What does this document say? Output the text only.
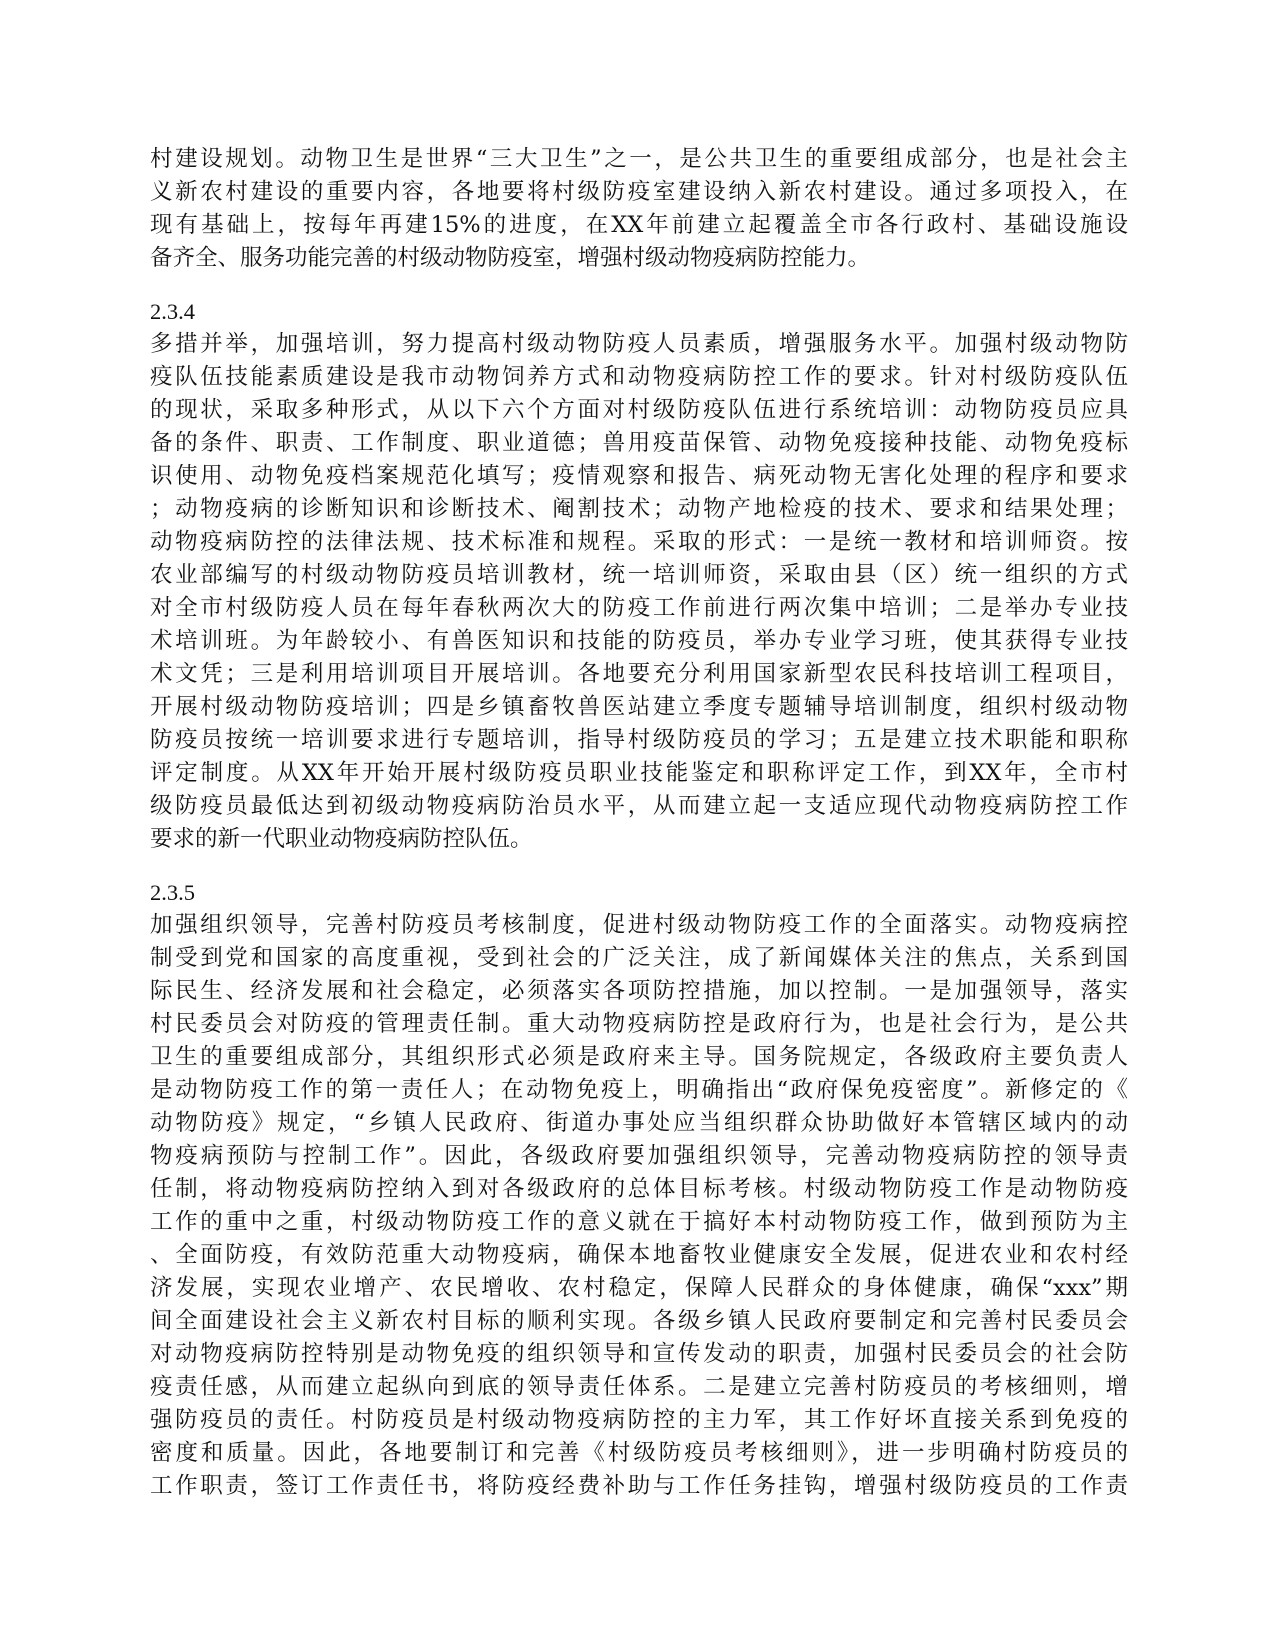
村建设规划。动物卫生是世界“三大卫生”之一，是公共卫生的重要组成部分，也是社会主
义新农村建设的重要内容，各地要将村级防疫室建设纳入新农村建设。通过多项投入，在
现有基础上，按每年再建15%的进度，在XX年前建立起覆盖全市各行政村、基础设施设
备齐全、服务功能完善的村级动物防疫室，增强村级动物疫病防控能力。
2.3.4
多措并举，加强培训，努力提高村级动物防疫人员素质，增强服务水平。加强村级动物防
疫队伍技能素质建设是我市动物饲养方式和动物疫病防控工作的要求。针对村级防疫队伍
的现状，采取多种形式，从以下六个方面对村级防疫队伍进行系统培训：动物防疫员应具
备的条件、职责、工作制度、职业道德；兽用疫苗保管、动物免疫接种技能、动物免疫标
识使用、动物免疫档案规范化填写；疫情观察和报告、病死动物无害化处理的程序和要求
；动物疫病的诊断知识和诊断技术、阉割技术；动物产地检疫的技术、要求和结果处理；
动物疫病防控的法律法规、技术标准和规程。采取的形式：一是统一教材和培训师资。按
农业部编写的村级动物防疫员培训教材，统一培训师资，采取由县（区）统一组织的方式
对全市村级防疫人员在每年春秋两次大的防疫工作前进行两次集中培训；二是举办专业技
术培训班。为年龄较小、有兽医知识和技能的防疫员，举办专业学习班，使其获得专业技
术文凭；三是利用培训项目开展培训。各地要充分利用国家新型农民科技培训工程项目，
开展村级动物防疫培训；四是乡镇畜牧兽医站建立季度专题辅导培训制度，组织村级动物
防疫员按统一培训要求进行专题培训，指导村级防疫员的学习；五是建立技术职能和职称
评定制度。从XX年开始开展村级防疫员职业技能鉴定和职称评定工作，到XX年，全市村
级防疫员最低达到初级动物疫病防治员水平，从而建立起一支适应现代动物疫病防控工作
要求的新一代职业动物疫病防控队伍。
2.3.5
加强组织领导，完善村防疫员考核制度，促进村级动物防疫工作的全面落实。动物疫病控
制受到党和国家的高度重视，受到社会的广泛关注，成了新闻媒体关注的焦点，关系到国
际民生、经济发展和社会稳定，必须落实各项防控措施，加以控制。一是加强领导，落实
村民委员会对防疫的管理责任制。重大动物疫病防控是政府行为，也是社会行为，是公共
卫生的重要组成部分，其组织形式必须是政府来主导。国务院规定，各级政府主要负责人
是动物防疫工作的第一责任人；在动物免疫上，明确指出“政府保免疫密度”。新修定的《
动物防疫》规定，“乡镇人民政府、街道办事处应当组织群众协助做好本管辖区域内的动
物疫病预防与控制工作”。因此，各级政府要加强组织领导，完善动物疫病防控的领导责
任制，将动物疫病防控纳入到对各级政府的总体目标考核。村级动物防疫工作是动物防疫
工作的重中之重，村级动物防疫工作的意义就在于搞好本村动物防疫工作，做到预防为主
、全面防疫，有效防范重大动物疫病，确保本地畜牧业健康安全发展，促进农业和农村经
济发展，实现农业增产、农民增收、农村稳定，保障人民群众的身体健康，确保“xxx”期
间全面建设社会主义新农村目标的顺利实现。各级乡镇人民政府要制定和完善村民委员会
对动物疫病防控特别是动物免疫的组织领导和宣传发动的职责，加强村民委员会的社会防
疫责任感，从而建立起纵向到底的领导责任体系。二是建立完善村防疫员的考核细则，增
强防疫员的责任。村防疫员是村级动物疫病防控的主力军，其工作好坏直接关系到免疫的
密度和质量。因此，各地要制订和完善《村级防疫员考核细则》，进一步明确村防疫员的
工作职责，签订工作责任书，将防疫经费补助与工作任务挂钩，增强村级防疫员的工作责
